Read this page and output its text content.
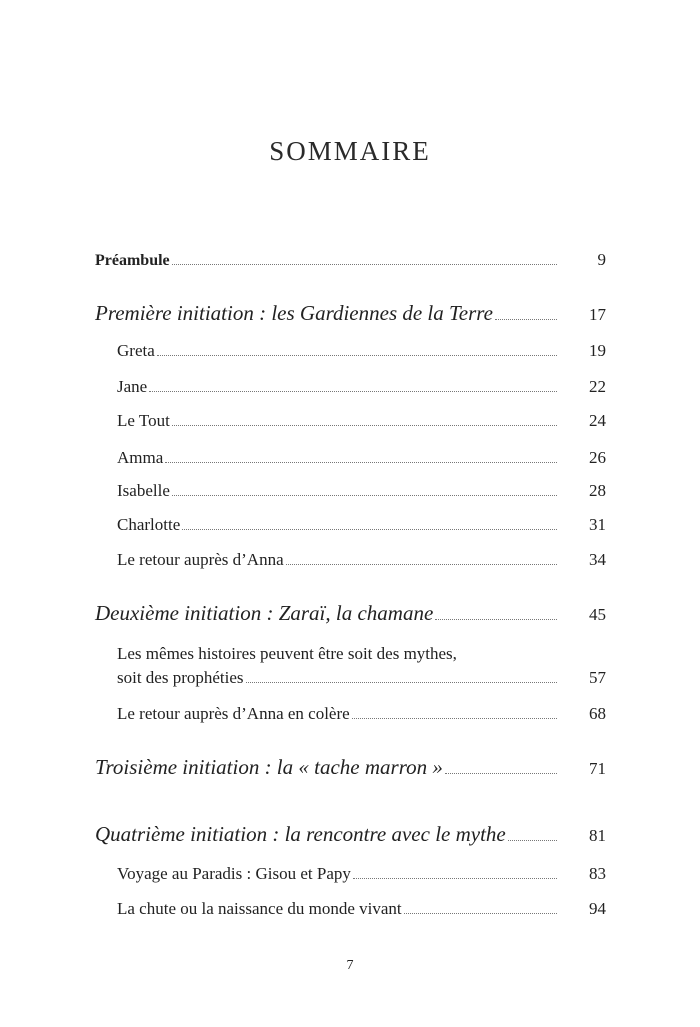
SOMMAIRE
Préambule	9
Première initiation : les Gardiennes de la Terre	17
Greta	19
Jane	22
Le Tout	24
Amma	26
Isabelle	28
Charlotte	31
Le retour auprès d’Anna	34
Deuxième initiation : Zaraï, la chamane	45
Les mêmes histoires peuvent être soit des mythes,
soit des prophéties	57
Le retour auprès d’Anna en colère	68
Troisième initiation : la « tache marron »	71
Quatrième initiation : la rencontre avec le mythe	81
Voyage au Paradis : Gisou et Papy	83
La chute ou la naissance du monde vivant	94
7
